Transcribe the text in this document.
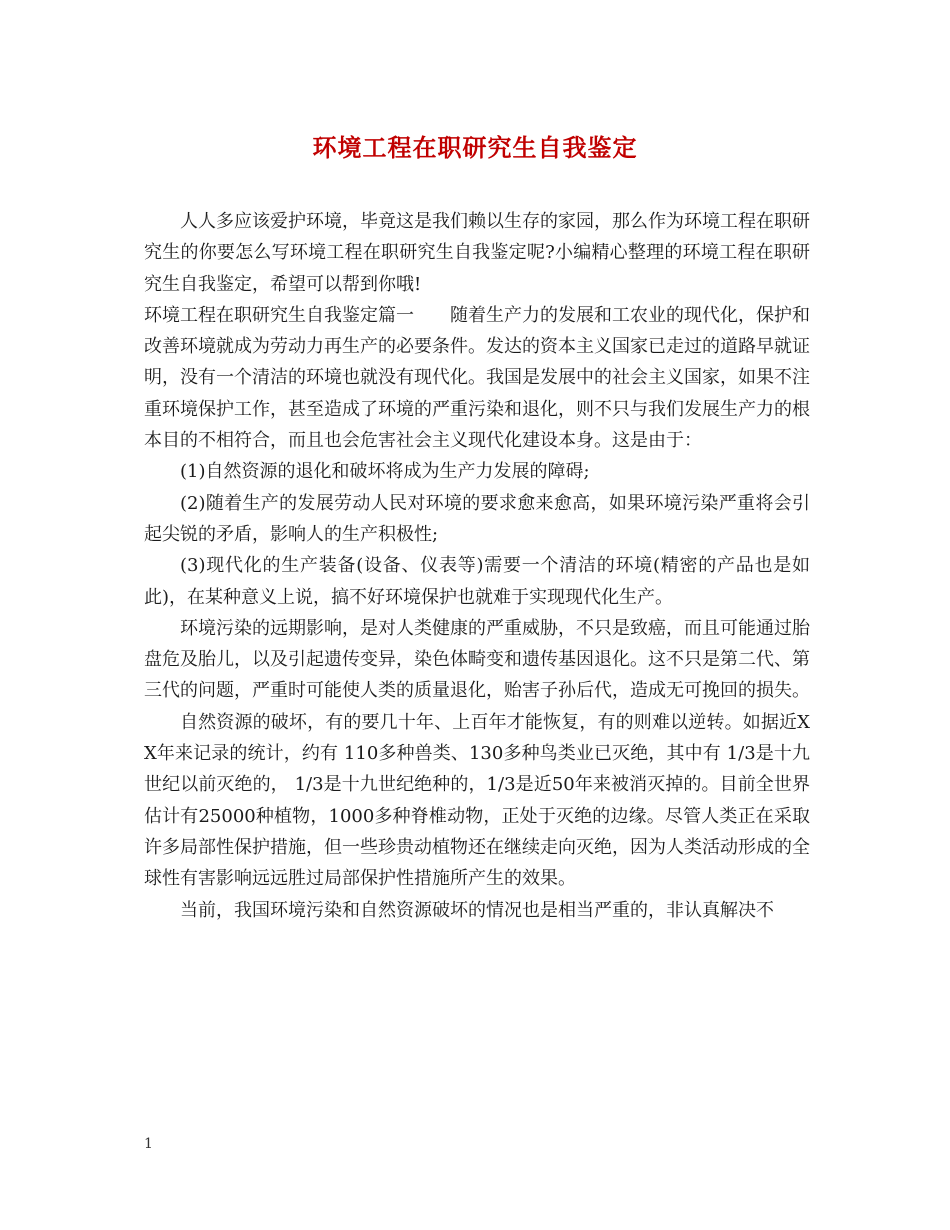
环境工程在职研究生自我鉴定

人人多应该爱护环境，毕竟这是我们赖以生存的家园，那么作为环境工程在职研究生的你要怎么写环境工程在职研究生自我鉴定呢?小编精心整理的环境工程在职研究生自我鉴定，希望可以帮到你哦!

环境工程在职研究生自我鉴定篇一　　随着生产力的发展和工农业的现代化，保护和改善环境就成为劳动力再生产的必要条件。发达的资本主义国家已走过的道路早就证明，没有一个清洁的环境也就没有现代化。我国是发展中的社会主义国家，如果不注重环境保护工作，甚至造成了环境的严重污染和退化，则不只与我们发展生产力的根本目的不相符合，而且也会危害社会主义现代化建设本身。这是由于：

(1)自然资源的退化和破坏将成为生产力发展的障碍;

(2)随着生产的发展劳动人民对环境的要求愈来愈高，如果环境污染严重将会引起尖锐的矛盾，影响人的生产积极性;

(3)现代化的生产装备(设备、仪表等)需要一个清洁的环境(精密的产品也是如此)，在某种意义上说，搞不好环境保护也就难于实现现代化生产。

环境污染的远期影响，是对人类健康的严重威胁，不只是致癌，而且可能通过胎盘危及胎儿，以及引起遗传变异，染色体畸变和遗传基因退化。这不只是第二代、第三代的问题，严重时可能使人类的质量退化，贻害子孙后代，造成无可挽回的损失。

自然资源的破坏，有的要几十年、上百年才能恢复，有的则难以逆转。如据近XX年来记录的统计，约有 110多种兽类、130多种鸟类业已灭绝，其中有 1/3是十九世纪以前灭绝的， 1/3是十九世纪绝种的，1/3是近50年来被消灭掉的。目前全世界估计有25000种植物，1000多种脊椎动物，正处于灭绝的边缘。尽管人类正在采取许多局部性保护措施，但一些珍贵动植物还在继续走向灭绝，因为人类活动形成的全球性有害影响远远胜过局部保护性措施所产生的效果。

当前，我国环境污染和自然资源破坏的情况也是相当严重的，非认真解决不

1
